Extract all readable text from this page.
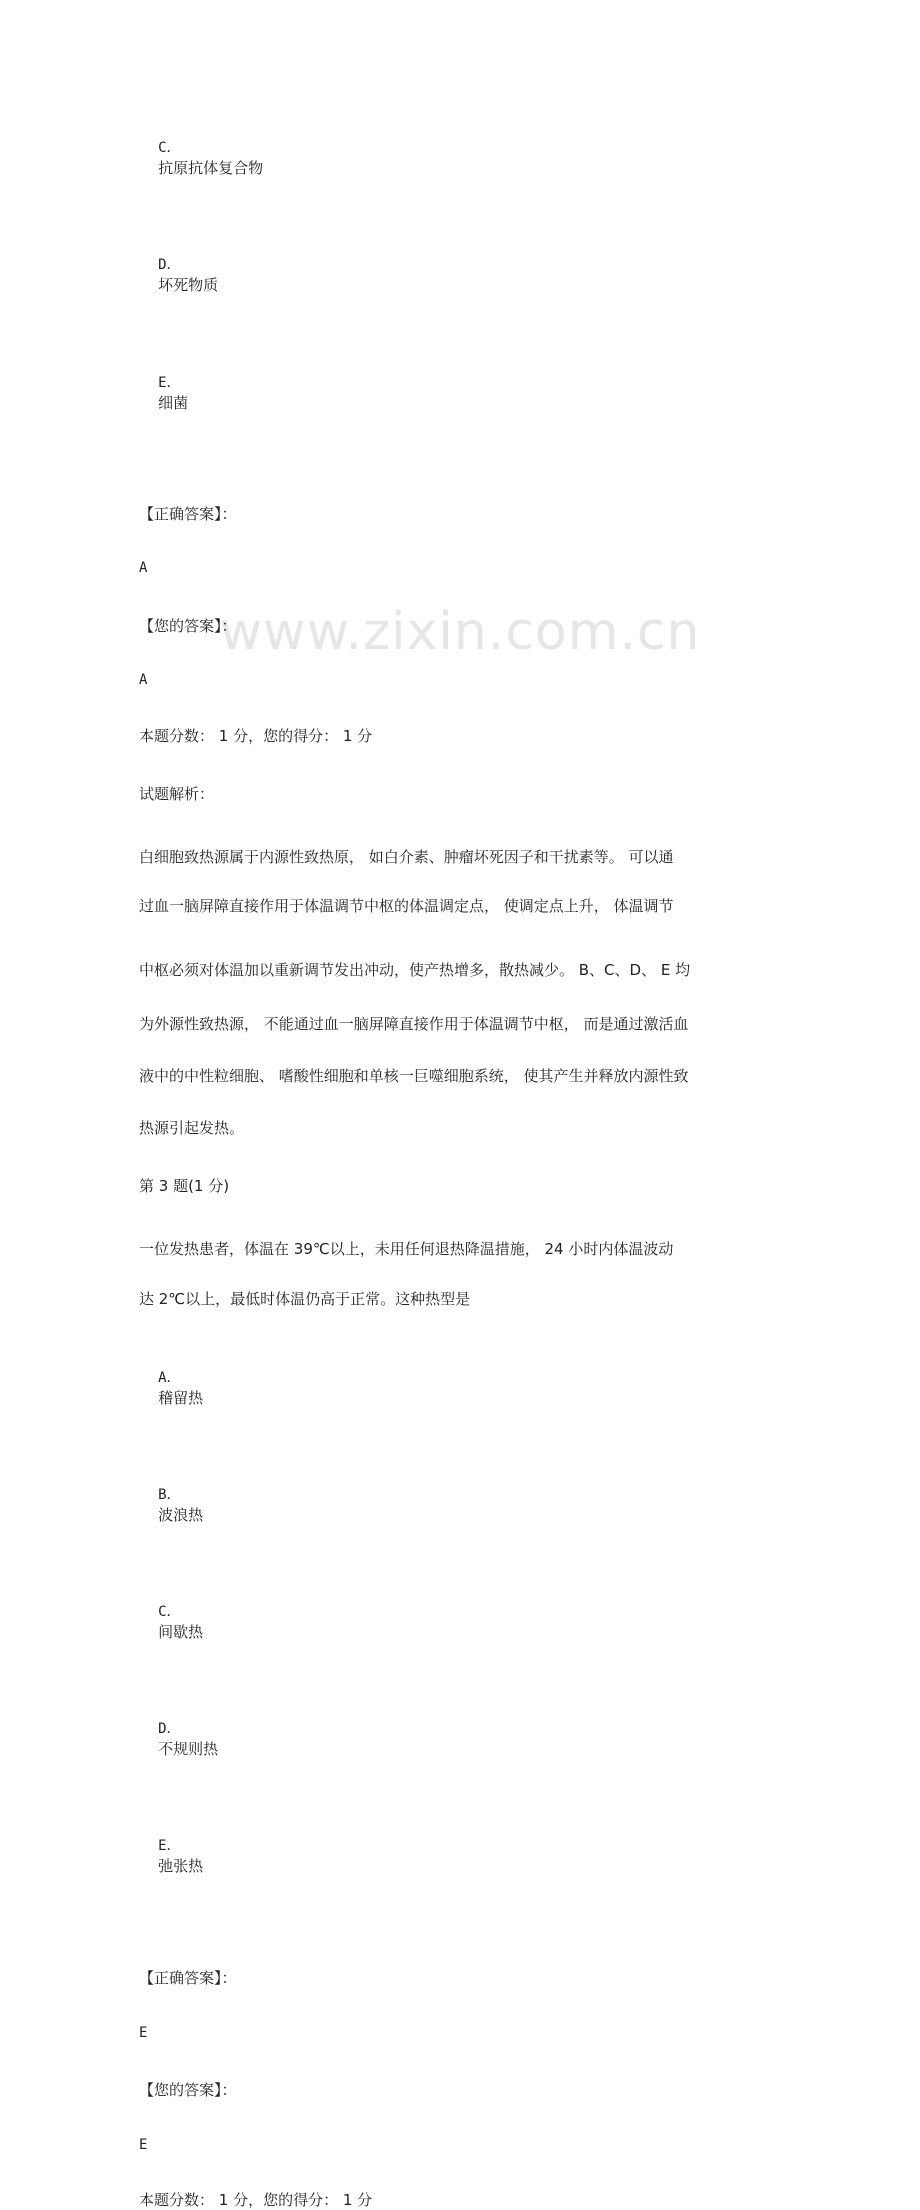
www.zixin.com.cn

C．
抗原抗体复合物

D．
坏死物质

E．
细菌

【正确答案】：
A
【您的答案】：
A
本题分数： 1 分，您的得分： 1 分
试题解析：
白细胞致热源属于内源性致热原， 如白介素、肿瘤坏死因子和干扰素等。 可以通
过血一脑屏障直接作用于体温调节中枢的体温调定点， 使调定点上升， 体温调节
中枢必须对体温加以重新调节发出冲动，使产热增多，散热减少。 B、C、D、 E 均
为外源性致热源， 不能通过血一脑屏障直接作用于体温调节中枢， 而是通过激活血
液中的中性粒细胞、 嗜酸性细胞和单核一巨噬细胞系统， 使其产生并释放内源性致
热源引起发热。
第 3 题(1 分)
一位发热患者，体温在 39℃以上，未用任何退热降温措施， 24 小时内体温波动
达 2℃以上，最低时体温仍高于正常。这种热型是

A．
稽留热

B．
波浪热

C．
间歇热

D．
不规则热

E．
弛张热

【正确答案】：
E
【您的答案】：
E
本题分数： 1 分，您的得分： 1 分
